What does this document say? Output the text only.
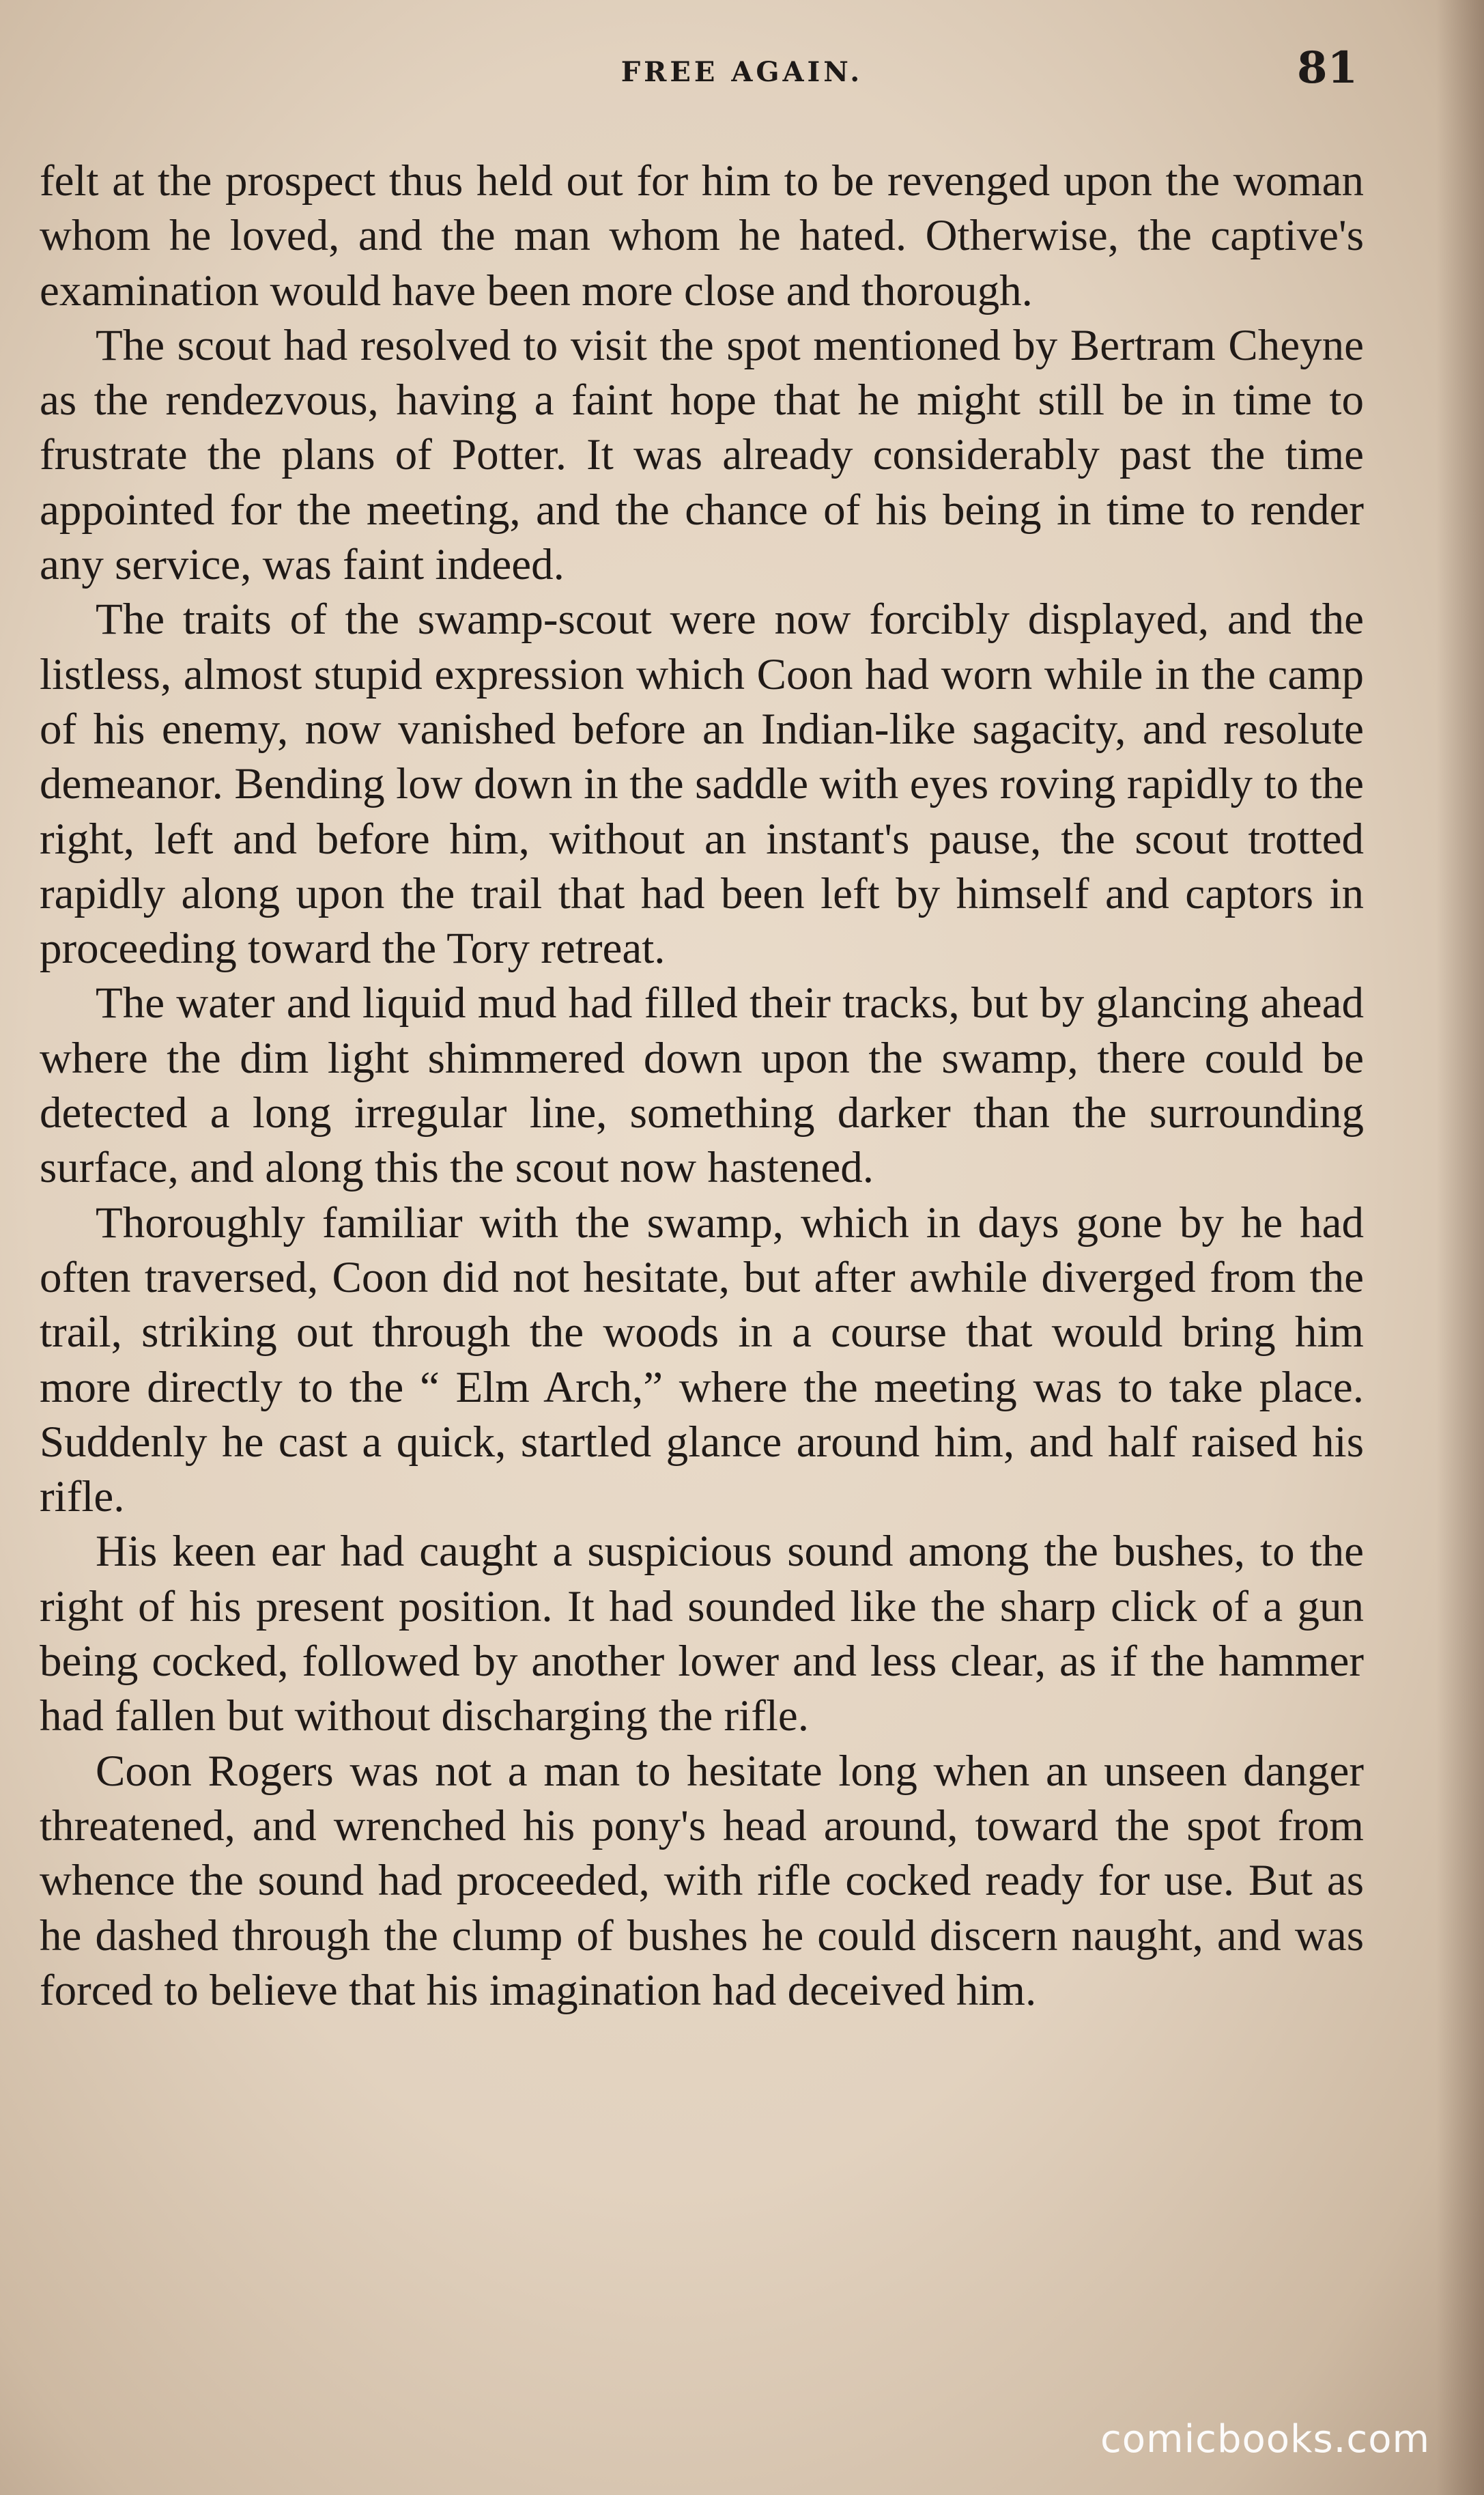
FREE AGAIN.	81

felt at the prospect thus held out for him to be revenged upon the woman whom he loved, and the man whom he hated. Otherwise, the captive's examination would have been more close and thorough.

The scout had resolved to visit the spot mentioned by Bertram Cheyne as the rendezvous, having a faint hope that he might still be in time to frustrate the plans of Potter. It was already considerably past the time appointed for the meeting, and the chance of his being in time to render any service, was faint indeed.

The traits of the swamp-scout were now forcibly displayed, and the listless, almost stupid expression which Coon had worn while in the camp of his enemy, now vanished before an Indian-like sagacity, and resolute demeanor. Bending low down in the saddle with eyes roving rapidly to the right, left and before him, without an instant's pause, the scout trotted rapidly along upon the trail that had been left by himself and captors in proceeding toward the Tory retreat.

The water and liquid mud had filled their tracks, but by glancing ahead where the dim light shimmered down upon the swamp, there could be detected a long irregular line, something darker than the surrounding surface, and along this the scout now hastened.

Thoroughly familiar with the swamp, which in days gone by he had often traversed, Coon did not hesitate, but after awhile diverged from the trail, striking out through the woods in a course that would bring him more directly to the “ Elm Arch,” where the meeting was to take place. Suddenly he cast a quick, startled glance around him, and half raised his rifle.

His keen ear had caught a suspicious sound among the bushes, to the right of his present position. It had sounded like the sharp click of a gun being cocked, followed by another lower and less clear, as if the hammer had fallen but without discharging the rifle.

Coon Rogers was not a man to hesitate long when an unseen danger threatened, and wrenched his pony's head around, toward the spot from whence the sound had proceeded, with rifle cocked ready for use. But as he dashed through the clump of bushes he could discern naught, and was forced to believe that his imagination had deceived him.

comicbooks.com
